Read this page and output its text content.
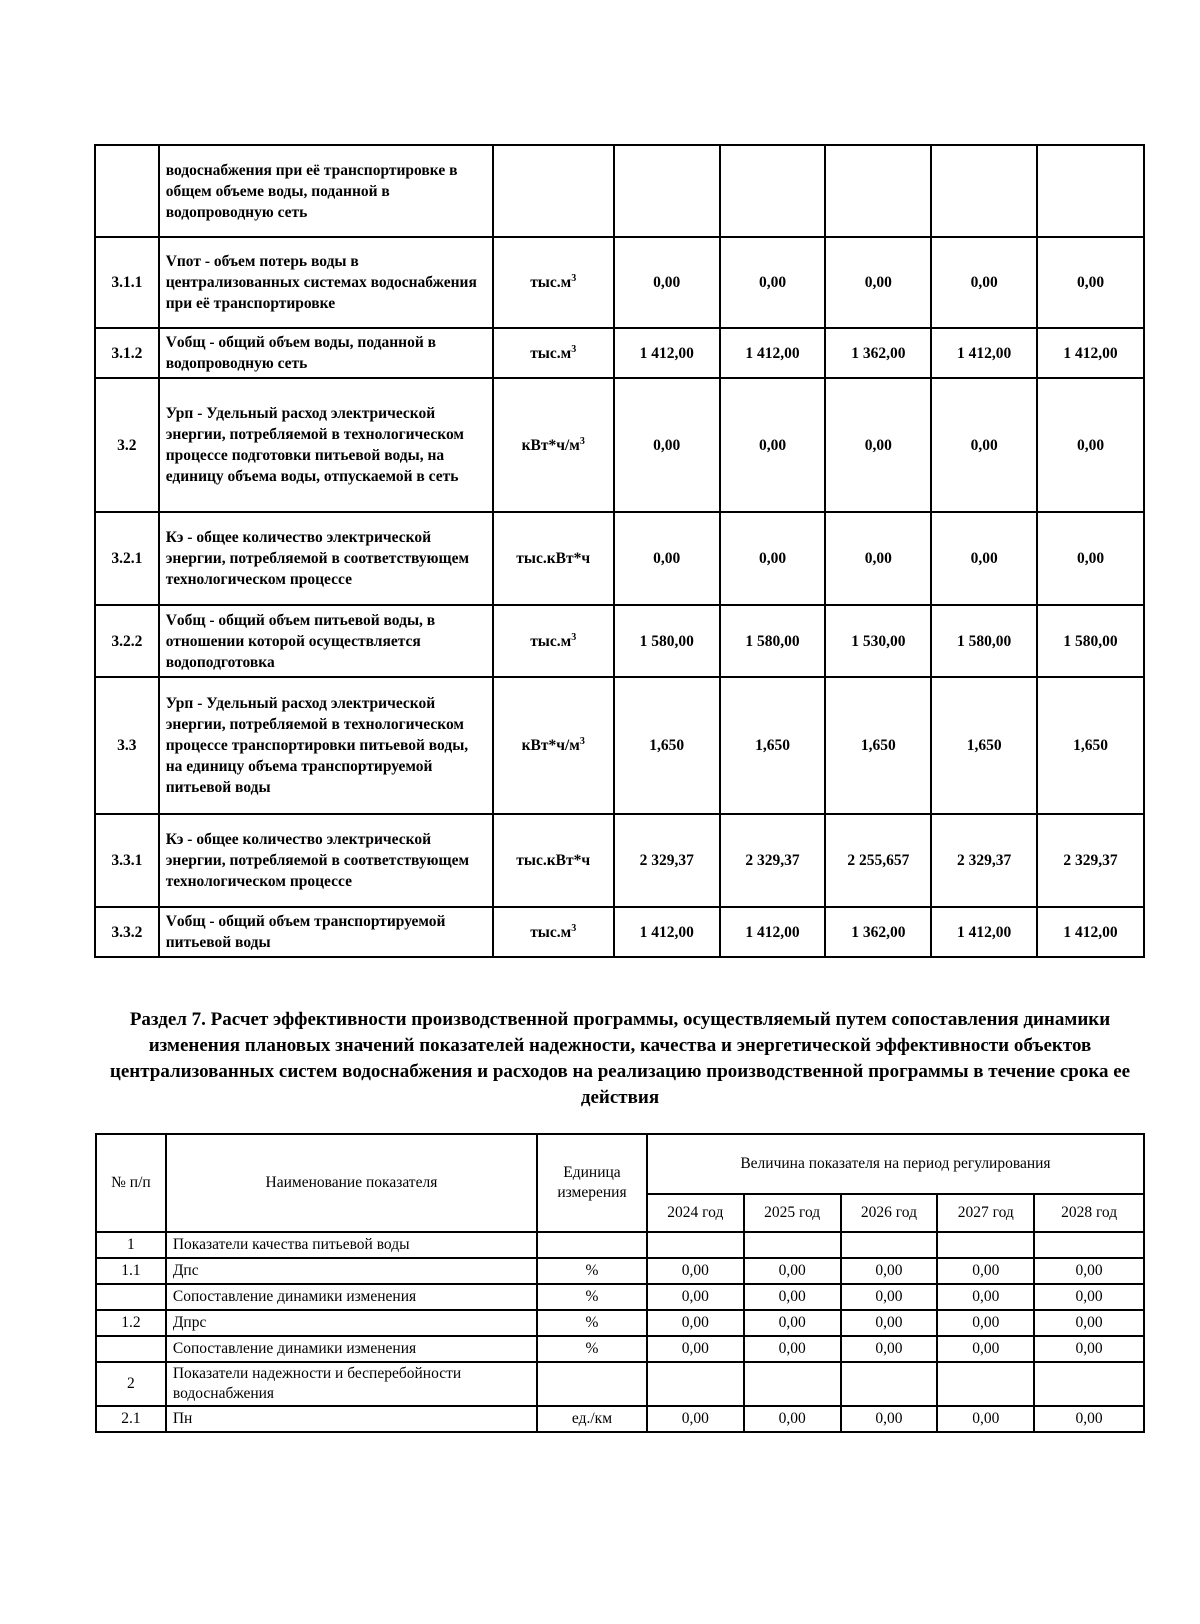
	водоснабжения при её транспортировке в общем объеме воды, поданной в водопроводную сеть						
3.1.1	Vпот - объем потерь воды в централизованных системах водоснабжения при её транспортировке	$тыс.м^3$	0,00	0,00	0,00	0,00	0,00
3.1.2	Vобщ - общий объем воды, поданной в водопроводную сеть	$тыс.м^3$	1 412,00	1 412,00	1 362,00	1 412,00	1 412,00
3.2	Урп - Удельный расход электрической энергии, потребляемой в технологическом процессе подготовки питьевой воды, на единицу объема воды, отпускаемой в сеть	$кВт*ч/м^3$	0,00	0,00	0,00	0,00	0,00
3.2.1	Кэ - общее количество электрической энергии, потребляемой в соответствующем технологическом процессе	тыс.кВт*ч	0,00	0,00	0,00	0,00	0,00
3.2.2	Vобщ - общий объем питьевой воды, в отношении которой осуществляется водоподготовка	$тыс.м^3$	1 580,00	1 580,00	1 530,00	1 580,00	1 580,00
3.3	Урп - Удельный расход электрической энергии, потребляемой в технологическом процессе транспортировки питьевой воды, на единицу объема транспортируемой питьевой воды	$кВт*ч/м^3$	1,650	1,650	1,650	1,650	1,650
3.3.1	Кэ - общее количество электрической энергии, потребляемой в соответствующем технологическом процессе	тыс.кВт*ч	2 329,37	2 329,37	2 255,657	2 329,37	2 329,37
3.3.2	Vобщ - общий объем транспортируемой питьевой воды	$тыс.м^3$	1 412,00	1 412,00	1 362,00	1 412,00	1 412,00
Раздел 7. Расчет эффективности производственной программы, осуществляемый путем сопоставления динамики изменения плановых значений показателей надежности, качества и энергетической эффективности объектов централизованных систем водоснабжения и расходов на реализацию производственной программы в течение срока ее действия
№ п/п	Наименование показателя	Единица измерения	Величина показателя на период регулирования				
			2024 год	2025 год	2026 год	2027 год	2028 год
1	Показатели качества питьевой воды						
1.1	Дпс	%	0,00	0,00	0,00	0,00	0,00
	Сопоставление динамики изменения	%	0,00	0,00	0,00	0,00	0,00
1.2	Дпрс	%	0,00	0,00	0,00	0,00	0,00
	Сопоставление динамики изменения	%	0,00	0,00	0,00	0,00	0,00
2	Показатели надежности и бесперебойности водоснабжения						
2.1	Пн	ед./км	0,00	0,00	0,00	0,00	0,00
